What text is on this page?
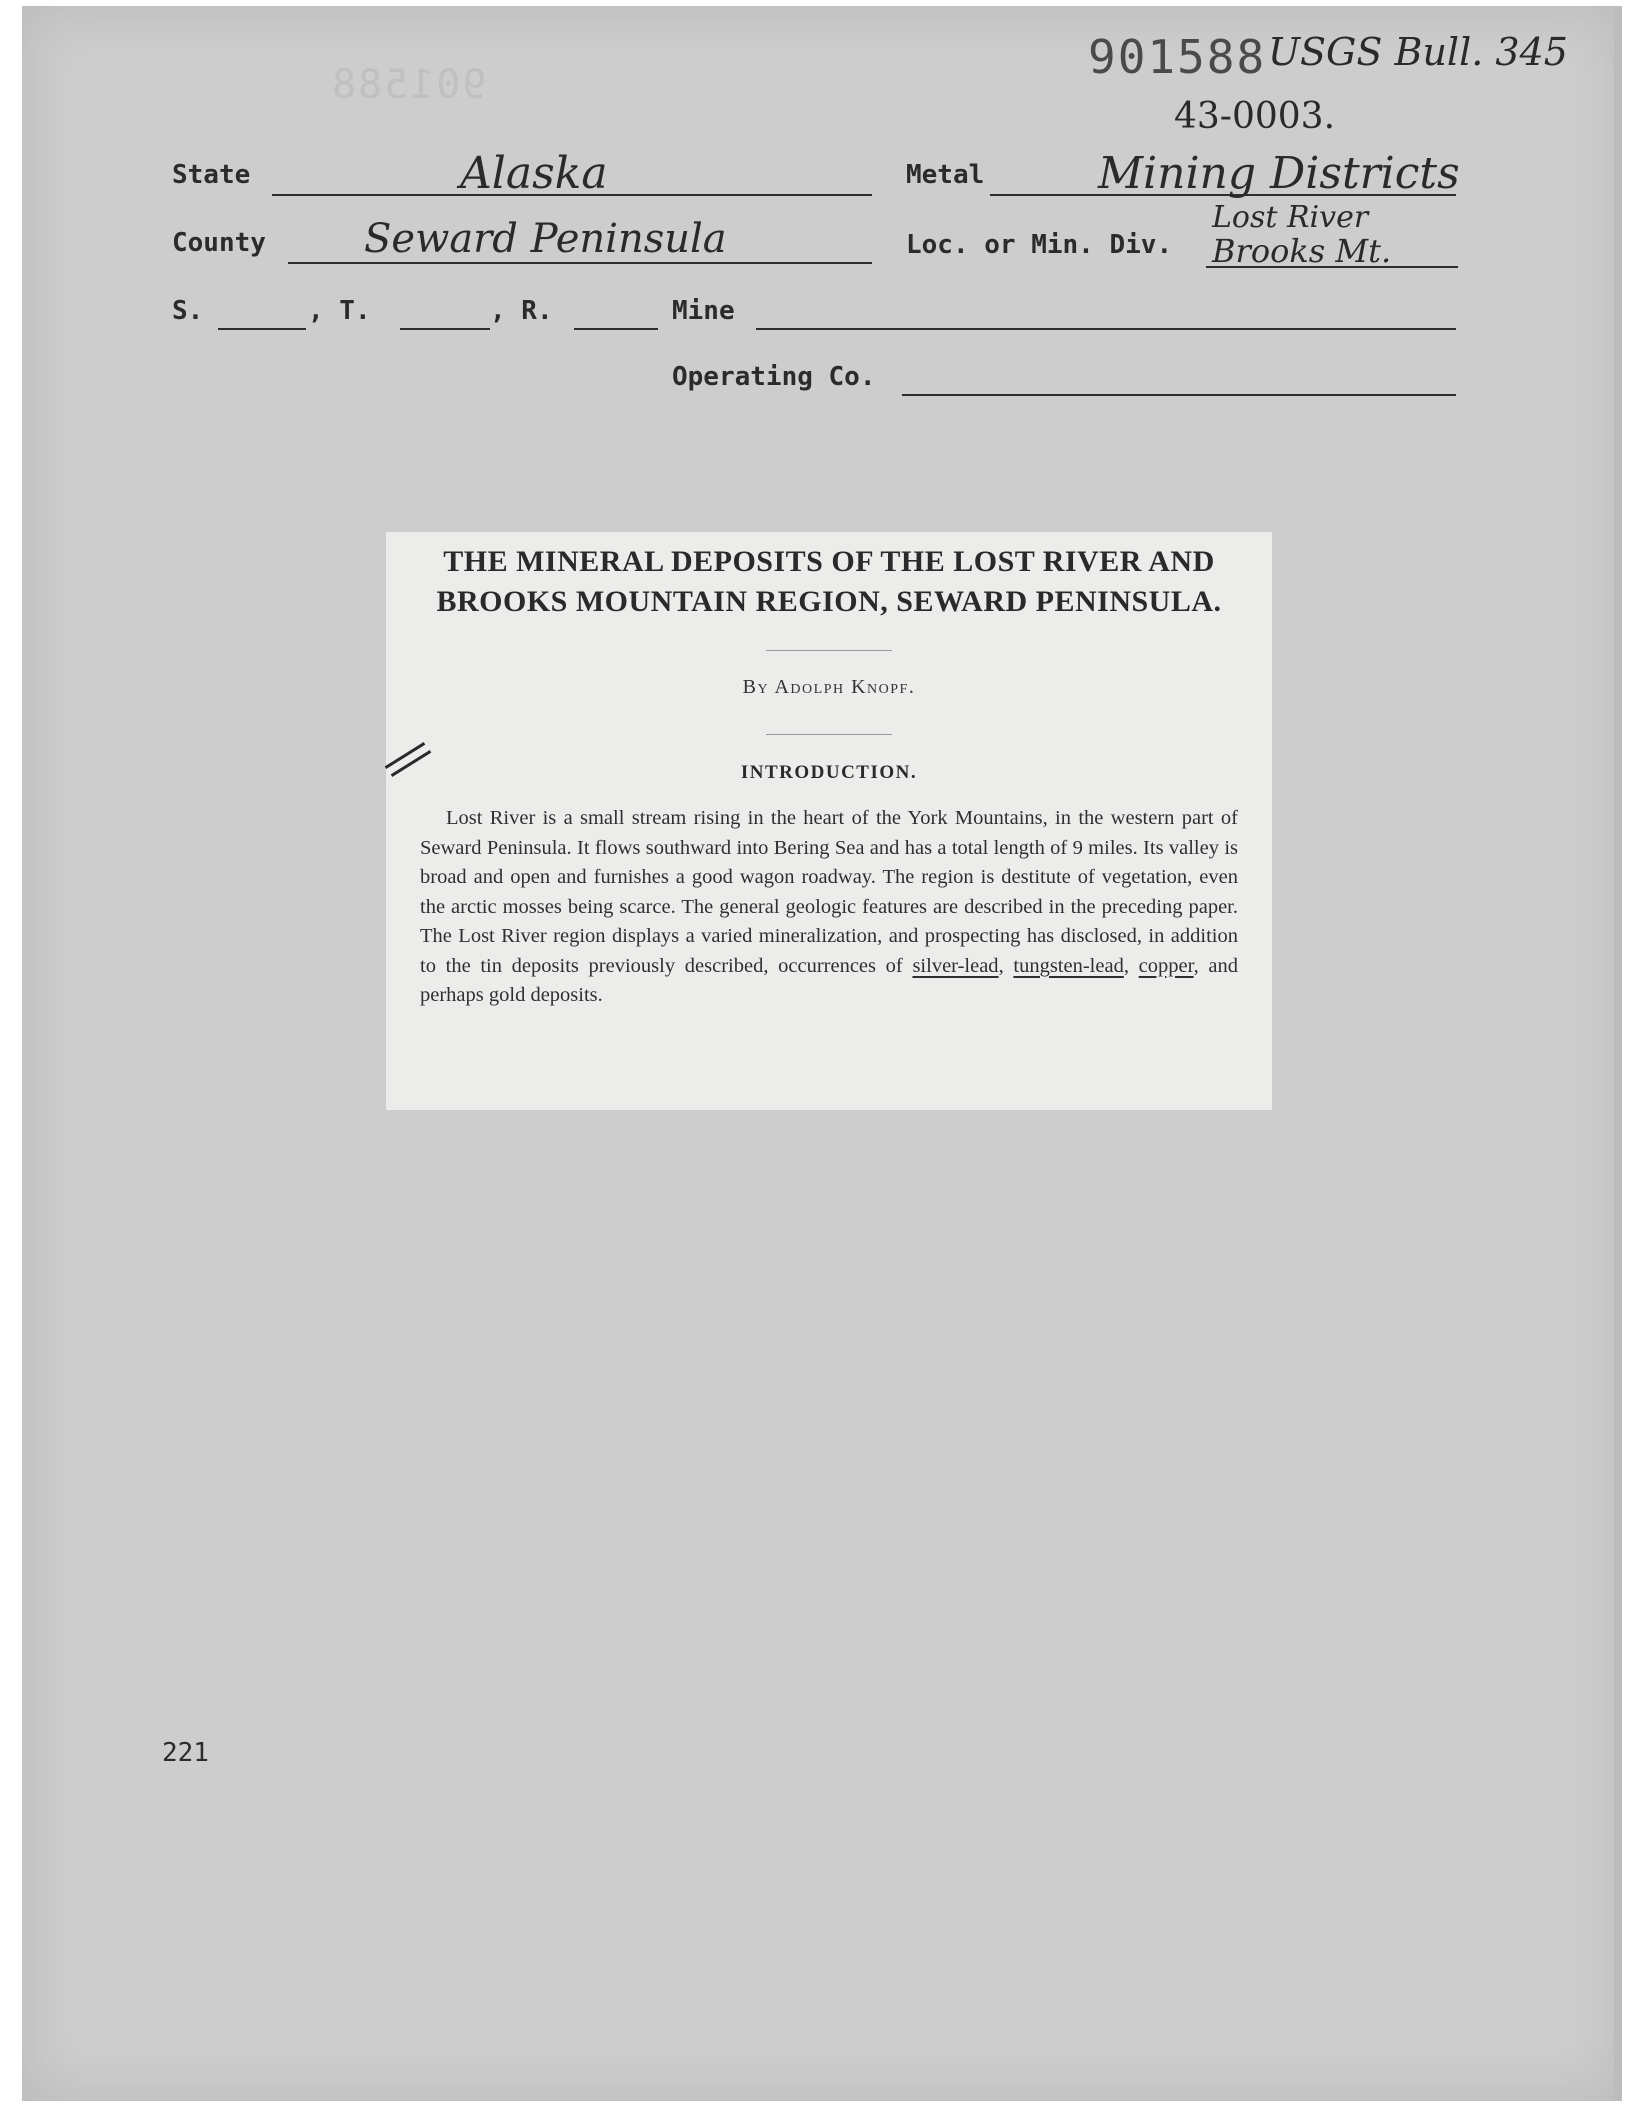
901588 USGS Bull. 345
43-0003.
901588
State	Alaska	Metal	Mining Districts
County Seward Peninsula	Loc. or Min. Div.
Lost River
Brooks Mt.
S.	, T.	, R.	Mine
Operating Co.
THE MINERAL DEPOSITS OF THE LOST RIVER AND
BROOKS MOUNTAIN REGION, SEWARD PENINSULA.
By Adolph Knopf.
INTRODUCTION.
Lost River is a small stream rising in the heart of the York Mountains, in the western part of Seward Peninsula. It flows southward into Bering Sea and has a total length of 9 miles. Its valley is broad and open and furnishes a good wagon roadway. The region is destitute of vegetation, even the arctic mosses being scarce. The general geologic features are described in the preceding paper. The Lost River region displays a varied mineralization, and prospecting has disclosed, in addition to the tin deposits previously described, occurrences of silver-lead, tungsten-lead, copper, and perhaps gold deposits.
221
